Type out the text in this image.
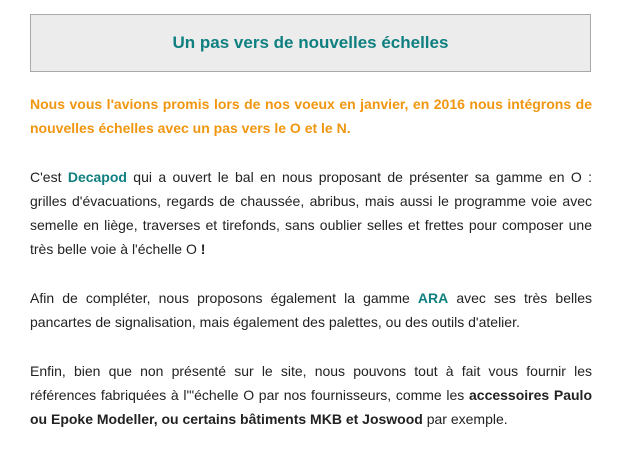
Un pas vers de nouvelles échelles

Nous vous l'avions promis lors de nos voeux en janvier, en 2016 nous intégrons de nouvelles échelles avec un pas vers le O et le N.

C'est Decapod qui a ouvert le bal en nous proposant de présenter sa gamme en O : grilles d'évacuations, regards de chaussée, abribus, mais aussi le programme voie avec semelle en liège, traverses et tirefonds, sans oublier selles et frettes pour composer une très belle voie à l'échelle O !

Afin de compléter, nous proposons également la gamme ARA avec ses très belles pancartes de signalisation, mais également des palettes, ou des outils d'atelier.

Enfin, bien que non présenté sur le site, nous pouvons tout à fait vous fournir les références fabriquées à l'"échelle O par nos fournisseurs, comme les accessoires Paulo ou Epoke Modeller, ou certains bâtiments MKB et Joswood par exemple.
